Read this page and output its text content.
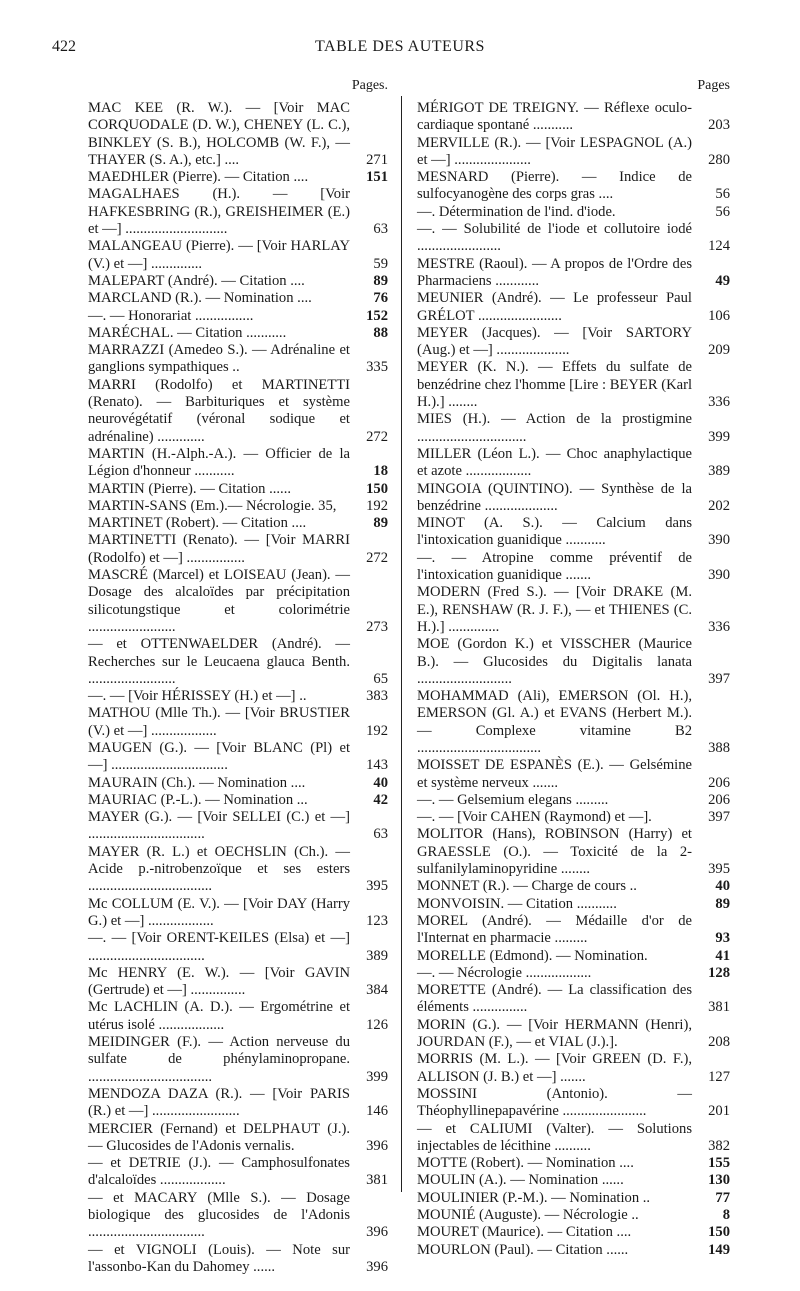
422	TABLE DES AUTEURS
Pages.
MAC KEE (R. W.). — [Voir MAC CORQUODALE (D. W.), CHENEY (L. C.), BINKLEY (S. B.), HOLCOMB (W. F.), — THAYER (S. A.), etc.] ....	271
MAEDHLER (Pierre). — Citation ....	151
MAGALHAES (H.). — [Voir HAFKESBRING (R.), GREISHEIMER (E.) et —] ............................	63
MALANGEAU (Pierre). — [Voir HARLAY (V.) et —] ..............	59
MALEPART (André). — Citation ....	89
MARCLAND (R.). — Nomination ....	76
—. — Honorariat ................	152
MARÉCHAL. — Citation ...........	88
MARRAZZI (Amedeo S.). — Adrénaline et ganglions sympathiques ..	335
MARRI (Rodolfo) et MARTINETTI (Renato). — Barbituriques et système neurovégétatif (véronal sodique et adrénaline) .............	272
MARTIN (H.-Alph.-A.). — Officier de la Légion d'honneur ...........	18
MARTIN (Pierre). — Citation ......	150
MARTIN-SANS (Em.).— Nécrologie. 35,	192
MARTINET (Robert). — Citation ....	89
MARTINETTI (Renato). — [Voir MARRI (Rodolfo) et —] ................	272
MASCRÉ (Marcel) et LOISEAU (Jean). — Dosage des alcaloïdes par précipitation silicotungstique et colorimétrie ........................	273
— et OTTENWAELDER (André). — Recherches sur le Leucaena glauca Benth. ........................	65
—. — [Voir HÉRISSEY (H.) et —] ..	383
MATHOU (Mlle Th.). — [Voir BRUSTIER (V.) et —] ..................	192
MAUGEN (G.). — [Voir BLANC (Pl) et —] ................................	143
MAURAIN (Ch.). — Nomination ....	40
MAURIAC (P.-L.). — Nomination ...	42
MAYER (G.). — [Voir SELLEI (C.) et —] ................................	63
MAYER (R. L.) et OECHSLIN (Ch.). — Acide p.-nitrobenzoïque et ses esters ..................................	395
Mc COLLUM (E. V.). — [Voir DAY (Harry G.) et —] ..................	123
—. — [Voir ORENT-KEILES (Elsa) et —] ................................	389
Mc HENRY (E. W.). — [Voir GAVIN (Gertrude) et —] ...............	384
Mc LACHLIN (A. D.). — Ergométrine et utérus isolé ..................	126
MEIDINGER (F.). — Action nerveuse du sulfate de phénylaminopropane. ..................................	399
MENDOZA DAZA (R.). — [Voir PARIS (R.) et —] ........................	146
MERCIER (Fernand) et DELPHAUT (J.). — Glucosides de l'Adonis vernalis.	396
— et DETRIE (J.). — Camphosulfonates d'alcaloïdes ..................	381
— et MACARY (Mlle S.). — Dosage biologique des glucosides de l'Adonis ................................	396
— et VIGNOLI (Louis). — Note sur l'assonbo-Kan du Dahomey ......	396
Pages
MÉRIGOT DE TREIGNY. — Réflexe oculo-cardiaque spontané ...........	203
MERVILLE (R.). — [Voir LESPAGNOL (A.) et —] .....................	280
MESNARD (Pierre). — Indice de sulfocyanogène des corps gras ....	56
—. Détermination de l'ind. d'iode.	56
—. — Solubilité de l'iode et collutoire iodé .......................	124
MESTRE (Raoul). — A propos de l'Ordre des Pharmaciens ............	49
MEUNIER (André). — Le professeur Paul GRÉLOT .......................	106
MEYER (Jacques). — [Voir SARTORY (Aug.) et —] ....................	209
MEYER (K. N.). — Effets du sulfate de benzédrine chez l'homme [Lire : BEYER (Karl H.).] ........	336
MIES (H.). — Action de la prostigmine ..............................	399
MILLER (Léon L.). — Choc anaphylactique et azote ..................	389
MINGOIA (QUINTINO). — Synthèse de la benzédrine ....................	202
MINOT (A. S.). — Calcium dans l'intoxication guanidique ...........	390
—. — Atropine comme préventif de l'intoxication guanidique .......	390
MODERN (Fred S.). — [Voir DRAKE (M. E.), RENSHAW (R. J. F.), — et THIENES (C. H.).] ..............	336
MOE (Gordon K.) et VISSCHER (Maurice B.). — Glucosides du Digitalis lanata ..........................	397
MOHAMMAD (Ali), EMERSON (Ol. H.), EMERSON (Gl. A.) et EVANS (Herbert M.). — Complexe vitamine B2 ..................................	388
MOISSET DE ESPANÈS (E.). — Gelsémine et système nerveux .......	206
—. — Gelsemium elegans .........	206
—. — [Voir CAHEN (Raymond) et —].	397
MOLITOR (Hans), ROBINSON (Harry) et GRAESSLE (O.). — Toxicité de la 2-sulfanilylaminopyridine ........	395
MONNET (R.). — Charge de cours ..	40
MONVOISIN. — Citation ...........	89
MOREL (André). — Médaille d'or de l'Internat en pharmacie .........	93
MORELLE (Edmond). — Nomination.	41
—. — Nécrologie ..................	128
MORETTE (André). — La classification des éléments ...............	381
MORIN (G.). — [Voir HERMANN (Henri), JOURDAN (F.), — et VIAL (J.).].	208
MORRIS (M. L.). — [Voir GREEN (D. F.), ALLISON (J. B.) et —] .......	127
MOSSINI (Antonio). — Théophyllinepapavérine .......................	201
— et CALIUMI (Valter). — Solutions injectables de lécithine ..........	382
MOTTE (Robert). — Nomination ....	155
MOULIN (A.). — Nomination ......	130
MOULINIER (P.-M.). — Nomination ..	77
MOUNIÉ (Auguste). — Nécrologie ..	8
MOURET (Maurice). — Citation ....	150
MOURLON (Paul). — Citation ......	149
